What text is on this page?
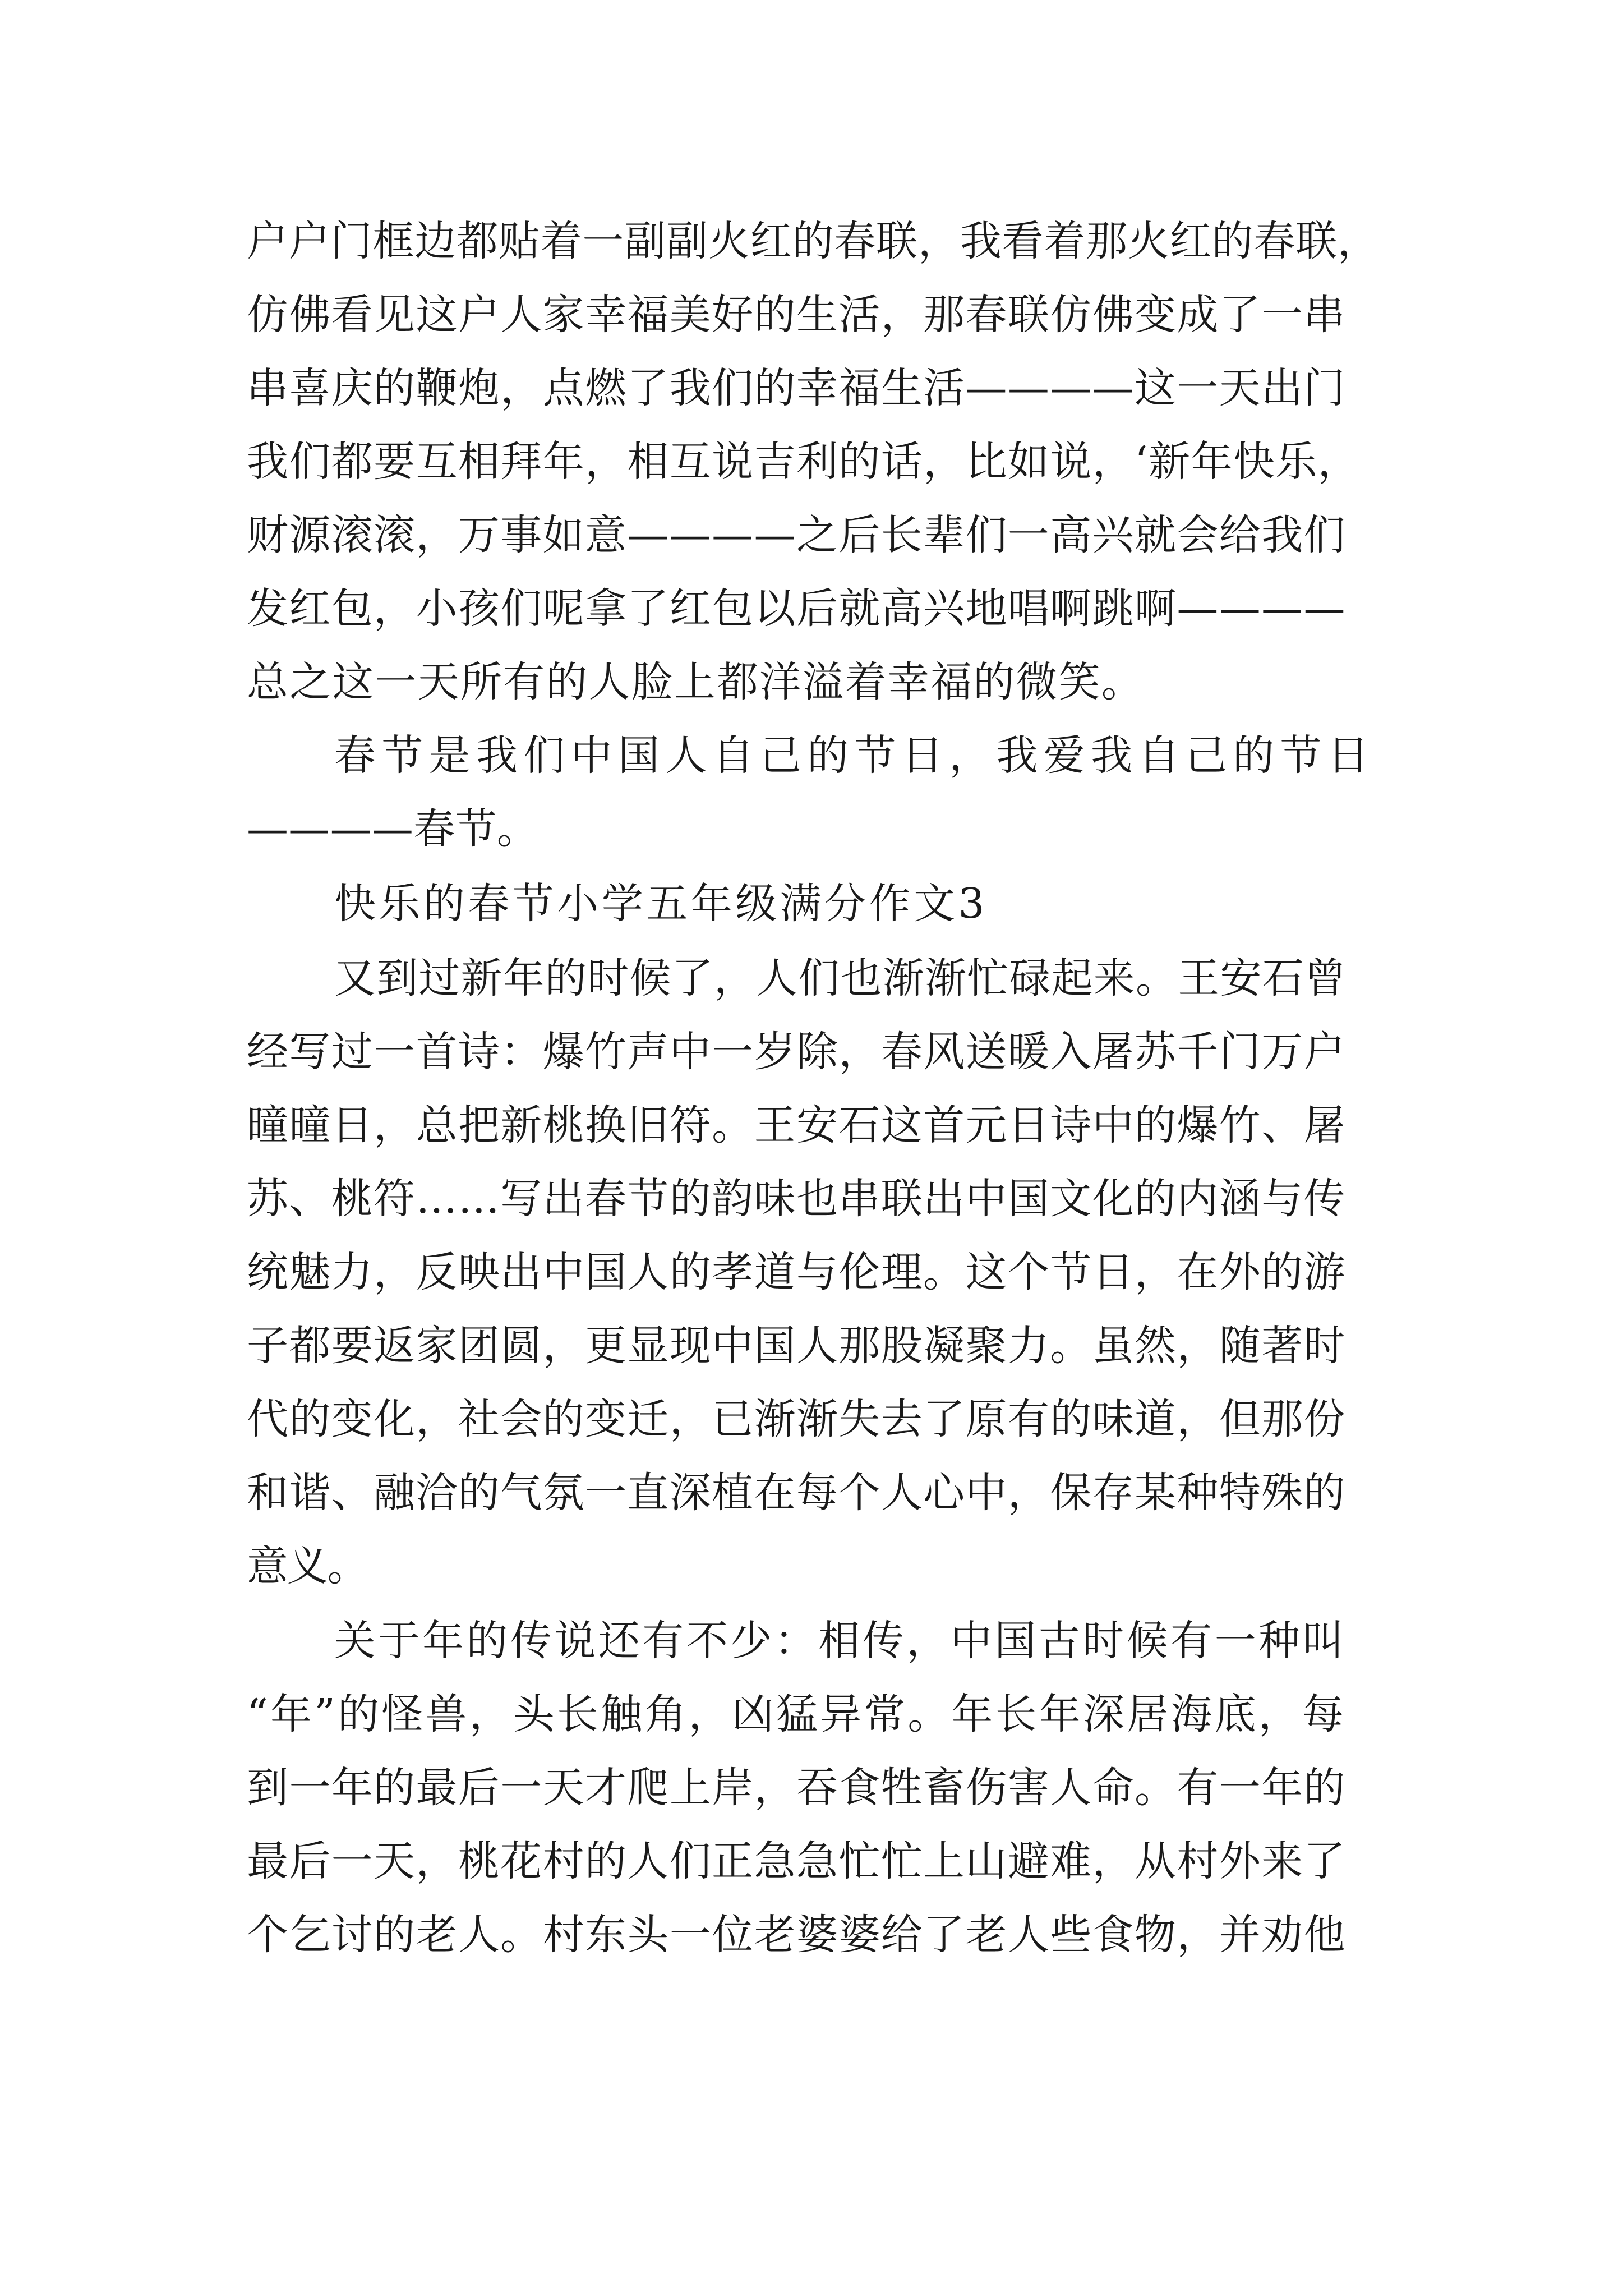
户户门框边都贴着一副副火红的春联，我看着那火红的春联，
仿佛看见这户人家幸福美好的生活，那春联仿佛变成了一串
串喜庆的鞭炮，点燃了我们的幸福生活————这一天出门
我们都要互相拜年，相互说吉利的话，比如说，‘新年快乐，
财源滚滚，万事如意————之后长辈们一高兴就会给我们
发红包，小孩们呢拿了红包以后就高兴地唱啊跳啊————
总之这一天所有的人脸上都洋溢着幸福的微笑。
春节是我们中国人自己的节日，我爱我自己的节日
————春节。
快乐的春节小学五年级满分作文3
又到过新年的时候了，人们也渐渐忙碌起来。王安石曾
经写过一首诗：爆竹声中一岁除，春风送暖入屠苏千门万户
曈曈日，总把新桃换旧符。王安石这首元日诗中的爆竹、屠
苏、桃符……写出春节的韵味也串联出中国文化的内涵与传
统魅力，反映出中国人的孝道与伦理。这个节日，在外的游
子都要返家团圆，更显现中国人那股凝聚力。虽然，随著时
代的变化，社会的变迁，已渐渐失去了原有的味道，但那份
和谐、融洽的气氛一直深植在每个人心中，保存某种特殊的
意义。
关于年的传说还有不少：相传，中国古时候有一种叫
“年”的怪兽，头长触角，凶猛异常。年长年深居海底，每
到一年的最后一天才爬上岸，吞食牲畜伤害人命。有一年的
最后一天，桃花村的人们正急急忙忙上山避难，从村外来了
个乞讨的老人。村东头一位老婆婆给了老人些食物，并劝他
